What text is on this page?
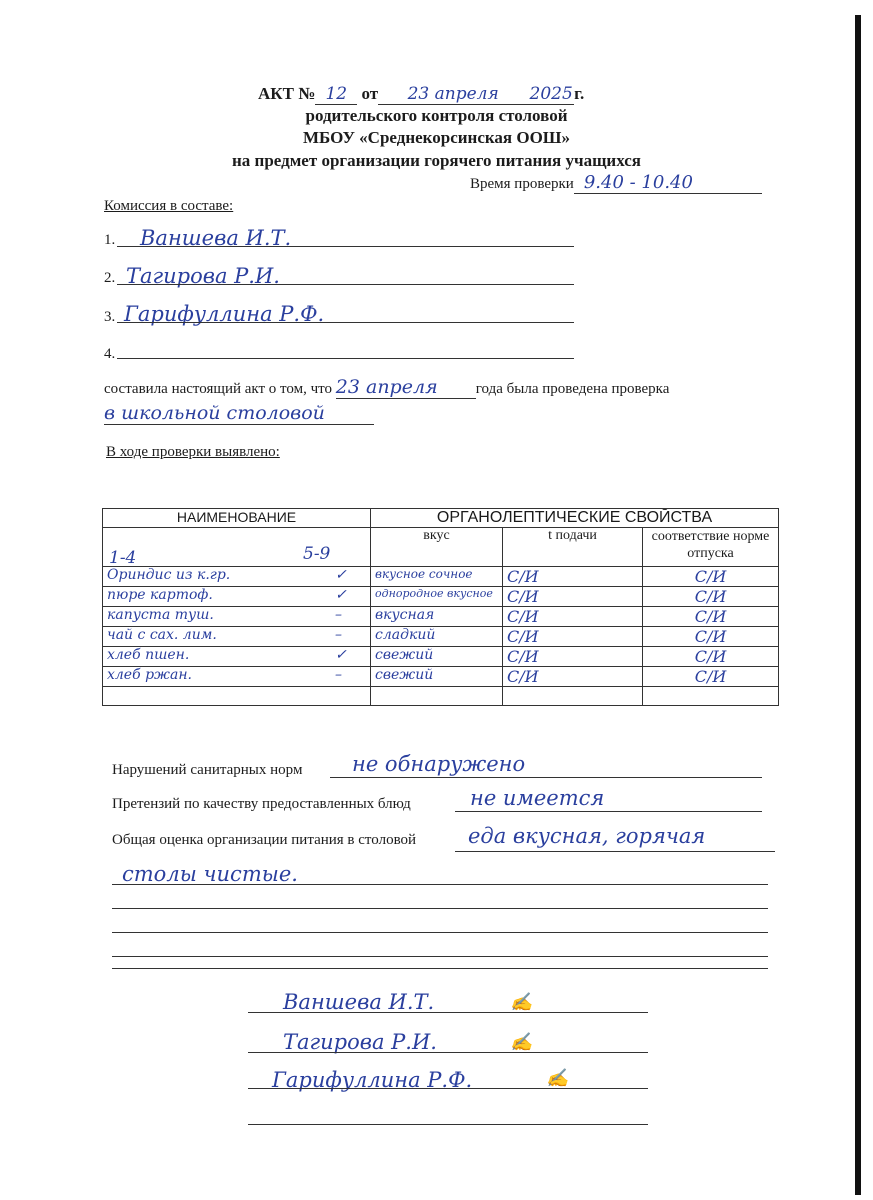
АКТ № 12 от 23 апреля 2025г.
родительского контроля столовой
МБОУ «Среднекорсинская ООШ»
на предмет организации горячего питания учащихся
Время проверки 9.40 - 10.40
Комиссия в составе:
1. Ваншева И.Т.
2. Тагирова Р.И.
3. Гарифуллина Р.Ф.
4.
составила настоящий акт о том, что 23 апреля	года была проведена проверка
в школьной столовой
В ходе проверки выявлено:
НАИМЕНОВАНИЕ	ОРГАНОЛЕПТИЧЕСКИЕ СВОЙСТВА		

1-4 5-9	вкус	t подачи	соответствие норме отпуска
Ориндис из к.гр. ✓	вкусное сочное	С/И	С/И
пюре картоф. ✓	однородное вкусное	С/И	С/И
капуста туш. –	вкусная	С/И	С/И
чай с сах. лим. –	сладкий	С/И	С/И
хлеб пшен. ✓	свежий	С/И	С/И
хлеб ржан. –	свежий	С/И	С/И

Нарушений санитарных норм не обнаружено
Претензий по качеству предоставленных блюд	не имеется
Общая оценка организации питания в столовой еда вкусная, горячая
столы чистые.
Ваншева И.Т.	✍
Тагирова Р.И.	✍
Гарифуллина Р.Ф.	✍
